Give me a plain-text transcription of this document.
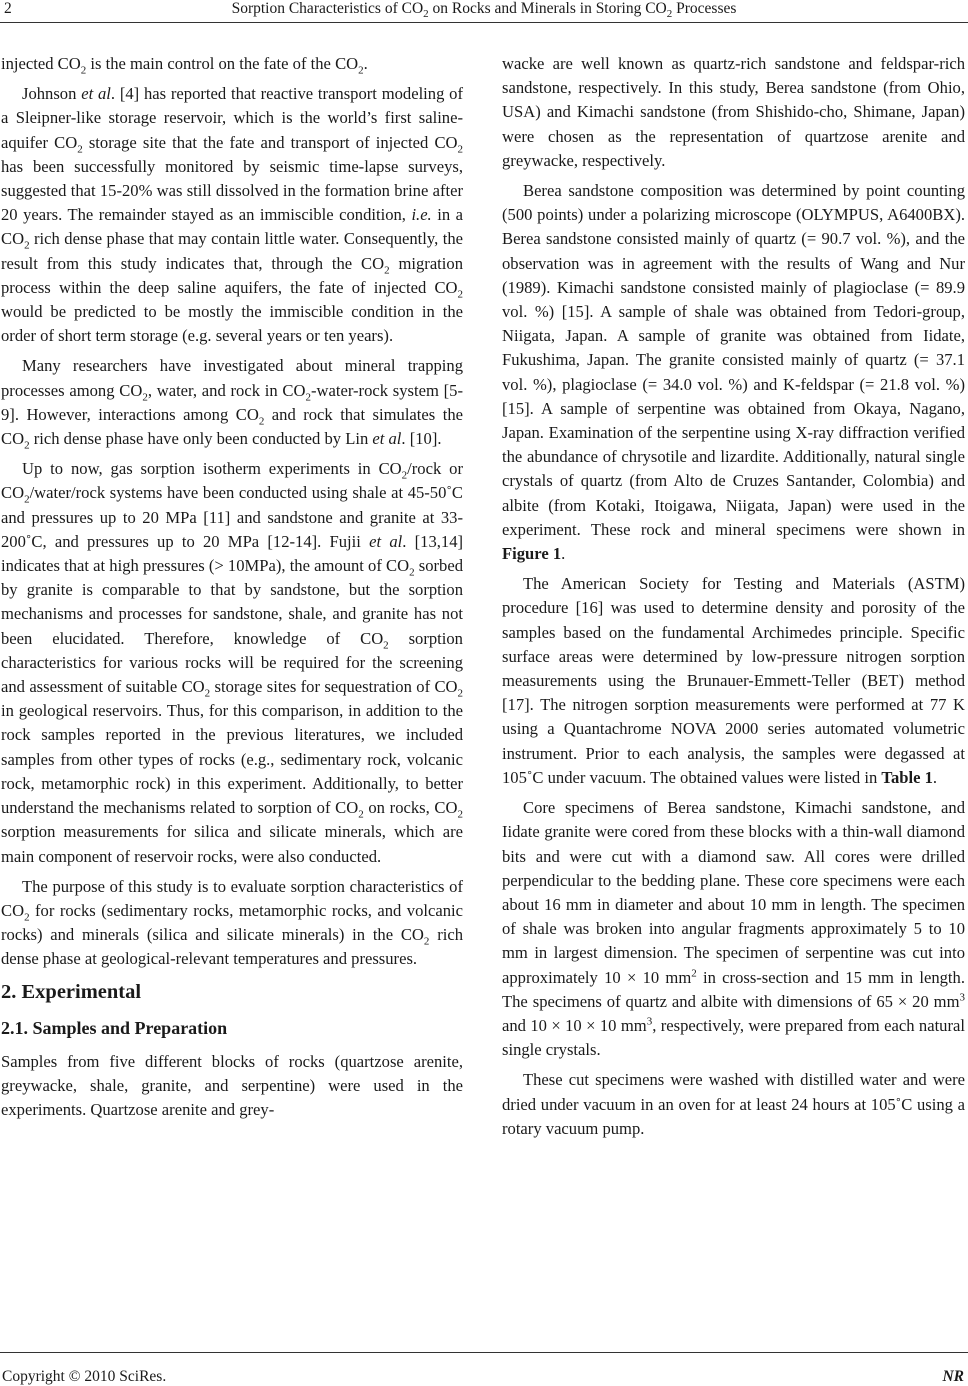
2	Sorption Characteristics of $CO_2$ on Rocks and Minerals in Storing $CO_2$ Processes

injected $CO_2$ is the main control on the fate of the $CO_2$.

Johnson et al. [4] has reported that reactive transport modeling of a Sleipner-like storage reservoir, which is the world’s first saline-aquifer $CO_2$ storage site that the fate and transport of injected $CO_2$ has been successfully monitored by seismic time-lapse surveys, suggested that 15-20% was still dissolved in the formation brine after 20 years. The remainder stayed as an immiscible condition, i.e. in a $CO_2$ rich dense phase that may contain little water. Consequently, the result from this study indicates that, through the $CO_2$ migration process within the deep saline aquifers, the fate of injected $CO_2$ would be predicted to be mostly the immiscible condition in the order of short term storage (e.g. several years or ten years).

Many researchers have investigated about mineral trapping processes among $CO_2$, water, and rock in $CO_2-water$-rock system [5-9]. However, interactions among $CO_2$ and rock that simulates the $CO_2$ rich dense phase have only been conducted by Lin et al. [10].

Up to now, gas sorption isotherm experiments in $CO_2$/rock or $CO_2/water$/rock systems have been conducted using shale at 45-50˚C and pressures up to 20 MPa [11] and sandstone and granite at 33-200˚C, and pressures up to 20 MPa [12-14]. Fujii et al. [13,14] indicates that at high pressures (> 10MPa), the amount of $CO_2$ sorbed by granite is comparable to that by sandstone, but the sorption mechanisms and processes for sandstone, shale, and granite has not been elucidated. Therefore, knowledge of $CO_2$ sorption characteristics for various rocks will be required for the screening and assessment of suitable $CO_2$ storage sites for sequestration of $CO_2$ in geological reservoirs. Thus, for this comparison, in addition to the rock samples reported in the previous literatures, we included samples from other types of rocks (e.g., sedimentary rock, volcanic rock, metamorphic rock) in this experiment. Additionally, to better understand the mechanisms related to sorption of $CO_2$ on rocks, $CO_2$ sorption measurements for silica and silicate minerals, which are main component of reservoir rocks, were also conducted.

The purpose of this study is to evaluate sorption characteristics of $CO_2$ for rocks (sedimentary rocks, metamorphic rocks, and volcanic rocks) and minerals (silica and silicate minerals) in the $CO_2$ rich dense phase at geological-relevant temperatures and pressures.

2. Experimental
2.1. Samples and Preparation

Samples from five different blocks of rocks (quartzose arenite, greywacke, shale, granite, and serpentine) were used in the experiments. Quartzose arenite and grey-

wacke are well known as quartz-rich sandstone and feldspar-rich sandstone, respectively. In this study, Berea sandstone (from Ohio, USA) and Kimachi sandstone (from Shishido-cho, Shimane, Japan) were chosen as the representation of quartzose arenite and greywacke, respectively.

Berea sandstone composition was determined by point counting (500 points) under a polarizing microscope (OLYMPUS, A6400BX). Berea sandstone consisted mainly of quartz (= 90.7 vol. %), and the observation was in agreement with the results of Wang and Nur (1989). Kimachi sandstone consisted mainly of plagioclase (= 89.9 vol. %) [15]. A sample of shale was obtained from Tedori-group, Niigata, Japan. A sample of granite was obtained from Iidate, Fukushima, Japan. The granite consisted mainly of quartz (= 37.1 vol. %), plagioclase (= 34.0 vol. %) and K-feldspar (= 21.8 vol. %) [15]. A sample of serpentine was obtained from Okaya, Nagano, Japan. Examination of the serpentine using X-ray diffraction verified the abundance of chrysotile and lizardite. Additionally, natural single crystals of quartz (from Alto de Cruzes Santander, Colombia) and albite (from Kotaki, Itoigawa, Niigata, Japan) were used in the experiment. These rock and mineral specimens were shown in Figure 1.

The American Society for Testing and Materials (ASTM) procedure [16] was used to determine density and porosity of the samples based on the fundamental Archimedes principle. Specific surface areas were determined by low-pressure nitrogen sorption measurements using the Brunauer-Emmett-Teller (BET) method [17]. The nitrogen sorption measurements were performed at 77 K using a Quantachrome NOVA 2000 series automated volumetric instrument. Prior to each analysis, the samples were degassed at 105˚C under vacuum. The obtained values were listed in Table 1.

Core specimens of Berea sandstone, Kimachi sandstone, and Iidate granite were cored from these blocks with a thin-wall diamond bits and were cut with a diamond saw. All cores were drilled perpendicular to the bedding plane. These core specimens were each about 16 mm in diameter and about 10 mm in length. The specimen of shale was broken into angular fragments approximately 5 to 10 mm in largest dimension. The specimen of serpentine was cut into approximately 10 × 10 $mm^2$ in cross-section and 15 mm in length. The specimens of quartz and albite with dimensions of 65 × 20 $mm^3$ and 10 × 10 × 10 $mm^3$, respectively, were prepared from each natural single crystals.

These cut specimens were washed with distilled water and were dried under vacuum in an oven for at least 24 hours at 105˚C using a rotary vacuum pump.

Copyright © 2010 SciRes.	NR
